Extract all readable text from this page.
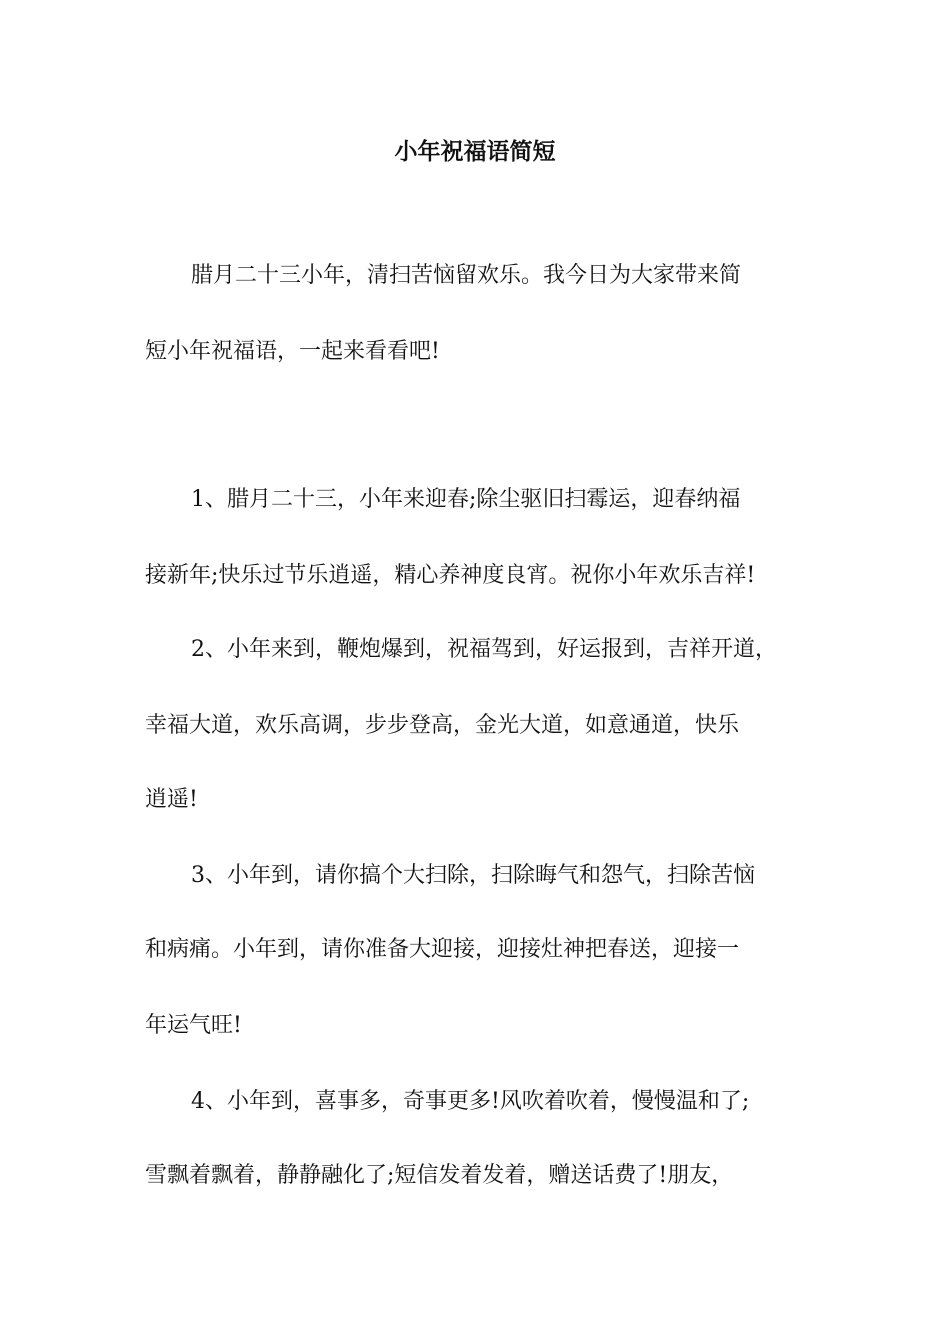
小年祝福语简短
腊月二十三小年，清扫苦恼留欢乐。我今日为大家带来简
短小年祝福语，一起来看看吧!
1、腊月二十三，小年来迎春;除尘驱旧扫霉运，迎春纳福
接新年;快乐过节乐逍遥，精心养神度良宵。祝你小年欢乐吉祥!
2、小年来到，鞭炮爆到，祝福驾到，好运报到，吉祥开道，
幸福大道，欢乐高调，步步登高，金光大道，如意通道，快乐
逍遥!
3、小年到，请你搞个大扫除，扫除晦气和怨气，扫除苦恼
和病痛。小年到，请你准备大迎接，迎接灶神把春送，迎接一
年运气旺!
4、小年到，喜事多，奇事更多!风吹着吹着，慢慢温和了;
雪飘着飘着，静静融化了;短信发着发着，赠送话费了!朋友，
